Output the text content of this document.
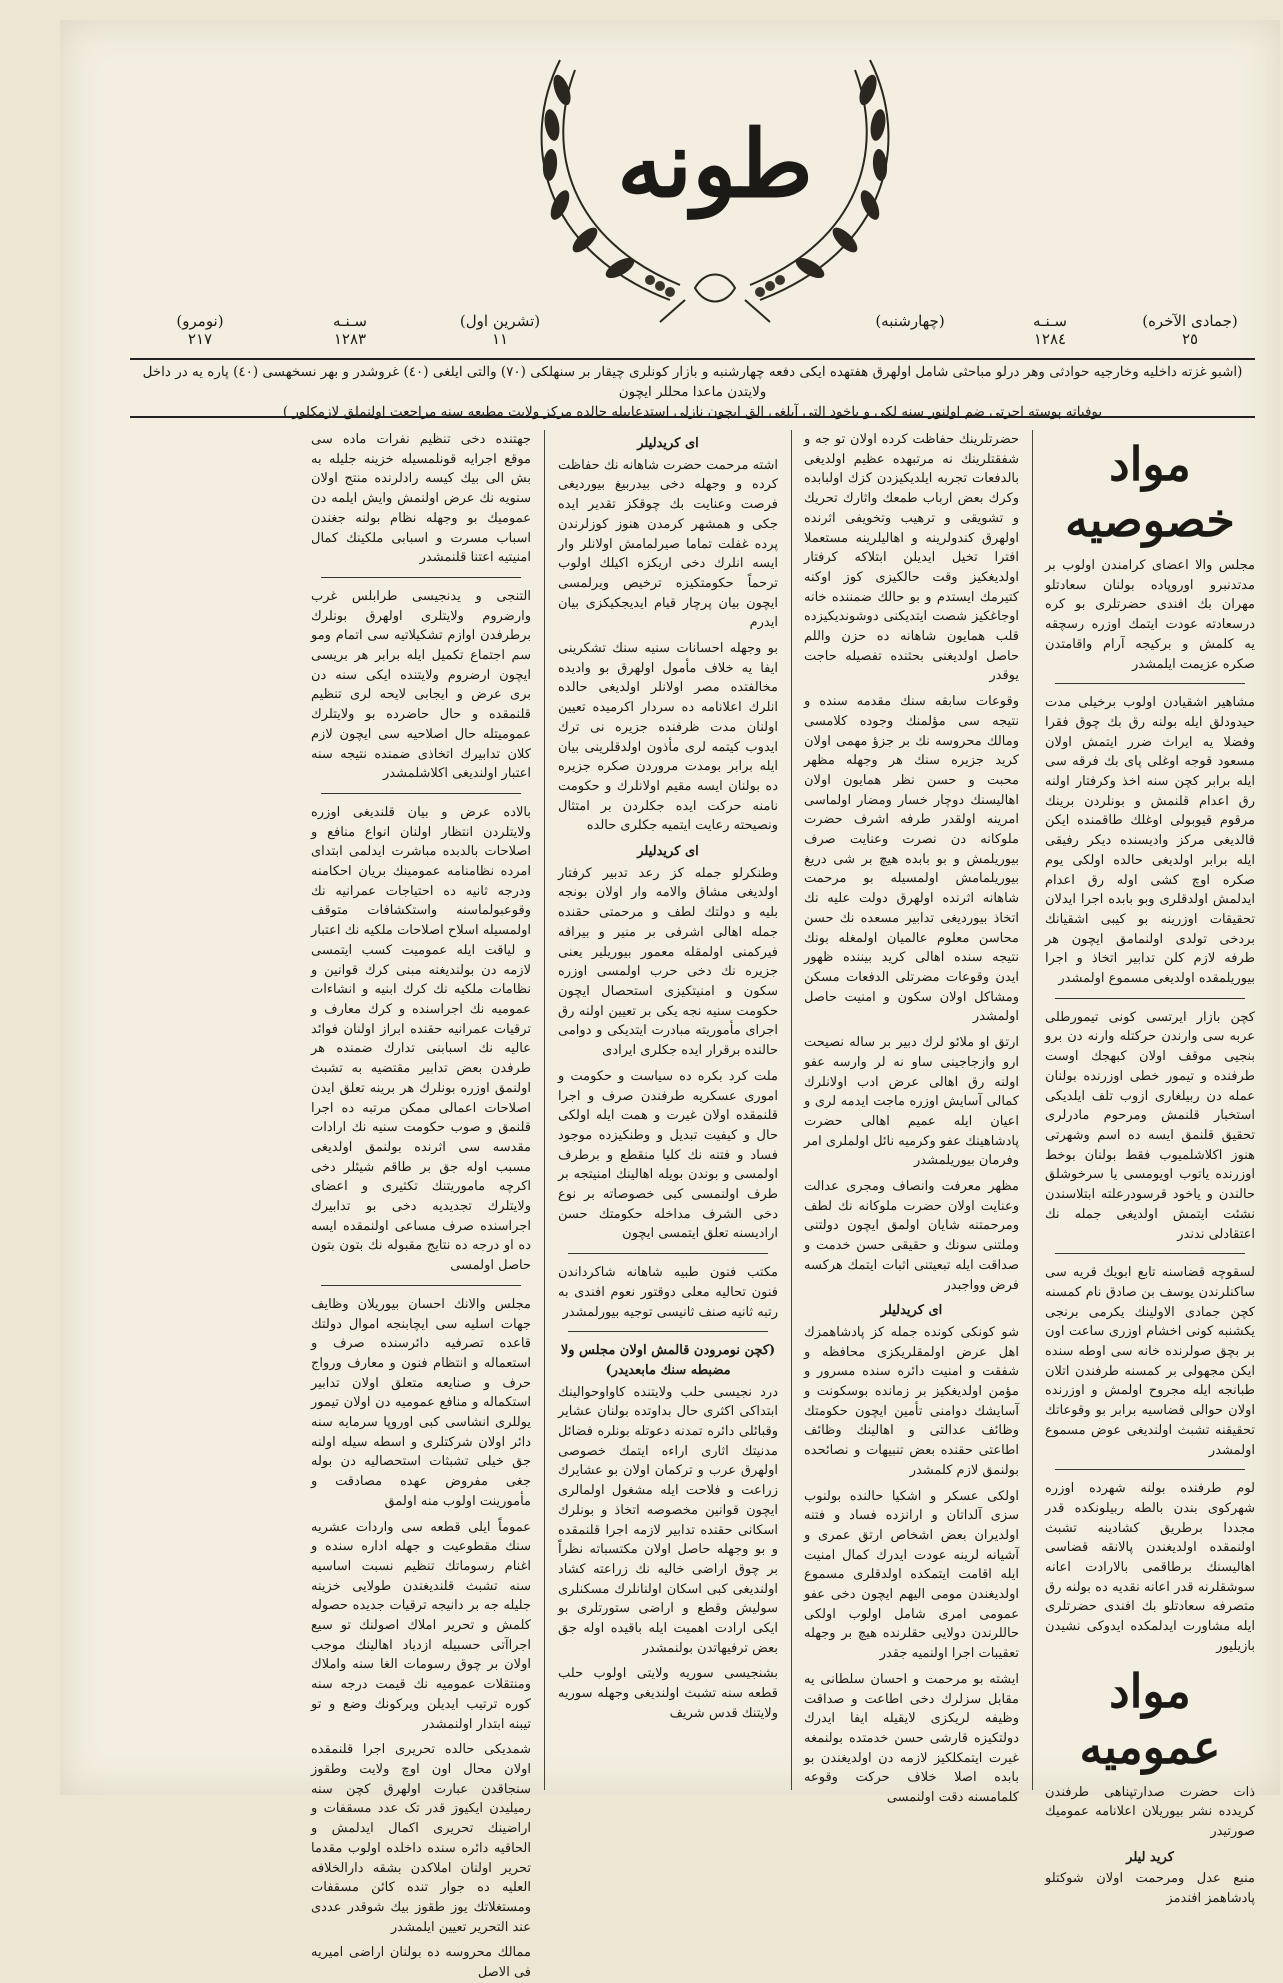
طونه
(جمادی الآخره)
٢٥
سـنـه
١٢٨٤
(چهارشنبه)
(تشرین اول)
١١
سـنـه
١٢٨٣
(نومرو)
٢١٧
(اشبو غزته داخلیه وخارجیه حوادثی وهر درلو مباحثی شامل اولهرق هفتهده ایکی دفعه چهارشنبه و بازار کونلری چیقار بر سنهلکی (٧٠) والتی ایلغی (٤٠) غروشدر و بهر نسخهسی (٤٠) پاره یه در داخل ولایتدن ماعدا محللر ایچون
بوفیاته پوسته اجرتی ضم اولنور سنه لکی و یاخود التی آیلغی الق ایچون نازلی استدعاییله حالده مرکز ولایت مطبعه سنه مراجعت اولنملق لازمکلور )
مواد خصوصیه

مجلس والا اعضای کرامندن اولوب بر مدتدنبرو اوروپاده بولنان سعادتلو مهران بك افندی حضرتلری بو کره درسعادته عودت ایتمك اوزره رسچقه یه کلمش و برکیجه آرام واقامتدن صکره عزیمت ایلمشدر

مشاهیر اشقیادن اولوب برخیلی مدت حیدودلق ایله بولنه رق بك چوق فقرا وفضلا یه ایراث ضرر ایتمش اولان مسعود قوجه اوغلی پای بك فرقه سی ایله برابر کچن سنه اخذ وکرفتار اولنه رق اعدام قلنمش و بونلردن برینك مرقوم قیوبولی اوغلك طاقمنده ایکن قالدیغی مرکز وادیسنده دیکر رفیقی ایله برابر اولدیغی حالده اولکی یوم صکره اوچ کشی اوله رق اعدام ایدلمش اولدقلری وبو بابده اجرا ایدلان تحقیقات اوزرینه بو کیبی اشقیانك بردخی تولدی اولنمامق ایچون هر طرفه لازم کلن تدابیر اتخاذ و اجرا بیوریلمقده اولدیغی مسموع اولمشدر

کچن بازار ایرتسی کونی تیمورطلی عربه سی وارندن حرکتله وارنه دن برو بنجیی موقف اولان کبهجك اوست طرفنده و تیمور خطی اوزرنده بولنان عمله دن ربیلغاری ازوب تلف ایلدیکی استخبار قلنمش ومرحوم مادرلری تحقیق قلنمق ایسه ده اسم وشهرتی هنوز اکلاشلمیوب فقط بولنان بوخط اوزرنده یاتوب اویومسی یا سرخوشلق حالندن و یاخود قرسودرعلته ابتلاسندن نشئت ایتمش اولدیغی جمله نك اعتقادلی ندندر

لسقوچه قضاسنه تابع ابویك قریه سی ساکنلرندن یوسف بن صادق نام کمسنه کچن جمادی الاولینك یکرمی برنجی یکشنبه کونی اخشام اوزری ساعت اون بر بچق صولرنده خانه سی اوطه سنده ایکن مجهولی بر کمسنه طرفندن اتلان طبانجه ایله مجروح اولمش و اوزرنده اولان حوالی قضاسیه برابر بو وقوعاتك تحقیقنه تشبث اولندیغی عوض مسموع اولمشدر

لوم طرفنده بولنه شهرده اوزره شهرکوی بندن بالطه ربیلونکده قدر مجددا برطریق کشادینه تشبث اولنمقده اولدیغندن پالانقه قضاسی اهالیسنك برطاقمی بالارادت اعانه سوشقلرنه قدر اعانه نقدیه ده بولنه رق متصرفه سعادتلو بك افندی حضرتلری ایله مشاورت ایدلمکده ایدوکی نشیدن بازیلیور

مواد عمومیه

ذات حضرت صدارتپناهی طرفندن کریدده نشر بیوریلان اعلانامه عمومیك صورتیدر

کرید لیلر

منبع عدل ومرحمت اولان شوکتلو پادشاهمز افندمز

حضرتلرینك حفاظت کرده اولان تو جه و شفقتلرینك نه مرتبهده عظیم اولدیغی بالدفعات تجربه ایلدیکیزدن کزك اولبابده وکرك بعض ارباب طمعك واثارك تحریك و تشویقی و ترهیب وتخویفی اثرنده اولهرق کندولرینه و اهالیلرینه مستعملا افترا تخیل ایدیلن ابتلاکه کرفتار اولدیغکیز وقت حالکیزی کوز اوکنه کتیرمك ایستدم و بو حالك ضمننده خانه اوجاغکیز شصت ایتدیکنی دوشوندیکیزده قلب همایون شاهانه ده حزن واللم حاصل اولدیغنی بحثنده تفصیله حاجت یوقدر

وقوعات سابقه سنك مقدمه سنده و نتیجه سی مؤلمنك وجوده کلامسی ومالك محروسه نك بر جزؤ مهمی اولان کرید جزیره سنك هر وجهله مظهر محبت و حسن نظر همایون اولان اهالیسنك دوچار خسار ومضار اولماسی امرینه اولقدر طرفه اشرف حضرت ملوکانه دن نصرت وعنایت صرف بیوریلمش و بو بابده هیچ بر شی دریغ بیوریلمامش اولمسیله بو مرحمت شاهانه اثرنده اولهرق دولت علیه نك اتخاذ بیوردیغی تدابیر مسعده نك حسن محاسن معلوم عالمیان اولمغله بونك نتیجه سنده اهالی کرید بیننده ظهور ایدن وقوعات مضرتلی الدفعات مسکن ومشاکل اولان سکون و امنیت حاصل اولمشدر

ارتق او ملائو لرك دبیر بر ساله نصیحت ارو وازجاجینی ساو نه لر وارسه عفو اولنه رق اهالی عرض ادب اولانلرك کمالی آسایش اوزره ماجت ایدمه لری و اعیان ایله عمیم اهالی حضرت پادشاهینك عفو وکرمیه نائل اولملری امر وفرمان بیوریلمشدر

مظهر معرفت وانصاف ومجری عدالت وعنایت اولان حضرت ملوکانه نك لطف ومرحمتنه شایان اولمق ایچون دولتنی وملتنی سونك و حقیقی حسن خدمت و صداقت ایله تبعیتنی اثبات ایتمك هرکسه فرض وواجبدر

ای کریدلیلر

شو کونکی کونده جمله کز پادشاهمزك اهل عرض اولمقلریکزی محافظه و شفقت و امنیت دائره سنده مسرور و مؤمن اولدیغکیز بر زمانده بوسکونت و آسایشك دوامنی تأمین ایچون حکومتك وظائف عدالتی و اهالینك وظائف اطاعتی حقنده بعض تنبیهات و نصائحده بولنمق لازم کلمشدر

اولکی عسکر و اشکیا حالنده بولنوب سزی آلداتان و ارانزده فساد و فتنه اولدیران بعض اشخاص ارتق عمری و آشیانه لرینه عودت ایدرك کمال امنیت ایله اقامت ایتمکده اولدقلری مسموع اولدیغندن مومی الیهم ایچون دخی عفو عمومی امری شامل اولوب اولکی حاللرندن دولایی حقلرنده هیچ بر وجهله تعقیبات اجرا اولنمیه جقدر

ایشته بو مرحمت و احسان سلطانی یه مقابل سزلرك دخی اطاعت و صداقت وظیفه لریکزی لایقیله ایفا ایدرك دولتکیزه قارشی حسن خدمتده بولنمغه غیرت ایتمکلکیز لازمه دن اولدیغندن بو بابده اصلا خلاف حرکت وقوعه کلمامسنه دقت اولنمسی

ای کریدلیلر

اشته مرحمت حضرت شاهانه نك حفاظت کرده و وجهله دخی بیدربیغ بیوردیغی فرصت وعنایت بك چوقکز تقدیر ایده جکی و همشهر کرمدن هنوز کوزلرندن پرده غفلت تماما صیرلمامش اولانلر وار ایسه انلرك دخی اریکزه اکیلك اولوب ترحماً حکومتکیزه ترخیص ویرلمسی ایچون بیان پرچار قیام ایدیجکیکزی بیان ایدرم

بو وجهله احسانات سنیه سنك تشکرینی ایفا یه خلاف مأمول اولهرق بو وادیده مخالفتده مصر اولانلر اولدیغی حالده انلرك اعلانامه ده سردار اکرمیده تعیین اولنان مدت ظرفنده جزیره نی ترك ایدوب کیتمه لری مأذون اولدقلرینی بیان ایله برابر بومدت مروردن صکره جزیره ده بولنان ایسه مقیم اولانلرك و حکومت نامنه حرکت ایده جکلردن بر امتثال ونصیحته رعایت ایتمیه جکلری حالده

ای کریدلیلر

وطنکرلو جمله کز رعد تدبیر کرفتار اولدیغی مشاق والامه وار اولان بونجه بلیه و دولتك لطف و مرحمتی حقنده جمله اهالی اشرفی بر منیر و بیرافه فیرکمنی اولمقله معمور بیوریلیر یعنی جزیره نك دخی حرب اولمسی اوزره سکون و امنیتکیزی استحصال ایچون حکومت سنیه نجه یکی بر تعیین اولنه رق اجرای مأموریته مبادرت ایتدیکی و دوامی حالنده برقرار ایده جکلری ایرادی

ملت کرد بکره ده سیاست و حکومت و اموری عسکریه طرفندن صرف و اجرا قلنمقده اولان غیرت و همت ایله اولکی حال و کیفیت تبدیل و وطنکیزده موجود فساد و فتنه نك کلیا منقطع و برطرف اولمسی و بوندن بویله اهالینك امنیتجه بر طرف اولنمسی کبی خصوصاته بر نوع دخی الشرف مداخله حکومتك حسن ارادیسنه تعلق ایتمسی ایچون

مکتب فنون طبیه شاهانه شاکرداندن فنون تحالیه معلی دوقتور نعوم افندی به رتبه ثانیه صنف ثانیسی توجیه بیورلمشدر

(کچن نومرودن قالمش اولان مجلس ولا مضبطه سنك مابعدیدر)

درد نجیسی حلب ولایتنده کاواوحوالینك ابتداکی اکثری حال بداوتده بولنان عشایر وقبائلی دائره تمدنه دعوتله بونلره فضائل مدنیتك اثاری اراءه ایتمك خصوصی اولهرق عرب و ترکمان اولان بو عشایرك زراعت و فلاحت ایله مشغول اولمالری ایچون قوانین مخصوصه اتخاذ و بونلرك اسکانی حقنده تدابیر لازمه اجرا قلنمقده و بو وجهله حاصل اولان مکتسباته نظراً بر چوق اراضی خالیه نك زراعته کشاد اولندیغی کبی اسکان اولنانلرك مسکنلری سولیش وقطع و اراضی ستورتلری بو ایکی ارادت اهمیت ایله باقیده اوله جق بعض ترفیهاتدن بولنمشدر

بشنجیسی سوریه ولایتی اولوب حلب قطعه سنه تشبث اولندیغی وجهله سوریه ولایتنك قدس شریف

جهتنده دخی تنظیم نفرات ماده سی موقع اجرایه قونلمسیله خزینه جلیله به بش الی بیك کیسه رادلرنده منتج اولان سنویه نك عرض اولنمش وایش ایلمه دن عمومیك بو وجهله نظام بولنه جغندن اسباب مسرت و اسبابی ملکینك کمال امنیتیه اعتنا قلنمشدر

التنجی و یدنجیسی طرابلس غرب وارضروم ولایتلری اولهرق بونلرك برطرفدن اوازم تشکیلاتیه سی اتمام ومو سم اجتماع تکمیل ایله برابر هر بریسی ایچون ارضروم ولایتنده ایکی سنه دن بری عرض و ایجابی لایحه لری تنظیم قلنمقده و حال حاضرده بو ولایتلرك عمومیتله حال اصلاحیه سی ایچون لازم کلان تدابیرك اتخاذی ضمنده نتیجه سنه اعتبار اولندیغی اکلاشلمشدر

بالاده عرض و بیان قلندیغی اوزره ولایتلردن انتظار اولنان انواع منافع و اصلاحات بالدبده مباشرت ایدلمی ابتدای امرده نظامنامه عمومینك بریان احکامنه ودرجه ثانیه ده احتیاجات عمرانیه نك وقوعبولماسنه واستکشافات متوقف اولمسیله اسلاح اصلاحات ملکیه نك اعتبار و لیاقت ایله عمومیت کسب ایتمسی لازمه دن بولندیغنه مبنی کرك قوانین و نظامات ملکیه نك کرك ابنیه و انشاءات عمومیه نك اجراسنده و کرك معارف و ترقیات عمرانیه حقنده ابراز اولنان فوائد عالیه نك اسبابنی تدارك ضمنده هر طرفدن بعض تدابیر مقتضیه به تشبث اولنمق اوزره بونلرك هر برینه تعلق ایدن اصلاحات اعمالی ممکن مرتبه ده اجرا قلنمق و صوب حکومت سنیه نك ارادات مقدسه سی اثرنده بولنمق اولدیغی مسبب اوله جق بر طاقم شیئلر دخی اکرچه ماموریتنك تکثیری و اعضای ولایتلرك تجدیدیه دخی بو تدابیرك اجراسنده صرف مساعی اولنمقده ایسه ده او درجه ده نتایج مقبوله نك بتون بتون حاصل اولمسی

مجلس والانك احسان بیوریلان وظایف جهات اسلیه سی ایچابنجه اموال دولتك قاعده تصرفیه دائرسنده صرف و استعماله و انتظام فنون و معارف ورواج حرف و صنایعه متعلق اولان تدابیر استکماله و منافع عمومیه دن اولان تیمور یوللری انشاسی کبی اوروپا سرمایه سنه دائر اولان شرکتلری و اسطه سیله اولنه جق خیلی تشبثات استحصالیه دن بوله جغی مفروض عهده مصادقت و مأمورینت اولوب منه اولمق

عموماً ایلی قطعه سی واردات عشریه سنك مقطوعیت و جهله اداره سنده و اغنام رسوماتك تنظیم نسبت اساسیه سنه تشبث قلندیغندن طولایی خزینه جلیله جه بر دانیجه ترقیات جدیده حصوله کلمش و تحریر املاك اصولنك تو سیع اجراآتی حسبیله ازدیاد اهالینك موجب اولان بر چوق رسومات الغا سنه واملاك ومنتقلات عمومیه نك قیمت درجه سنه کوره ترتیب ایدیلن ویرکونك وضع و تو تیبنه ابتدار اولنمشدر

شمدیکی حالده تحریری اجرا قلنمقده اولان محال اون اوچ ولایت وطقوز سنجاقدن عبارت اولهرق کچن سنه رمیلیدن ایکیوز قدر تک عدد مسقفات و اراضینك تحریری اکمال ایدلمش و الحاقیه دائره سنده داخلده اولوب مقدما تحریر اولنان املاکدن بشقه دارالخلافه العلیه ده جوار تنده کائن مسقفات ومستغلاتك یوز طقوز بیك شوقدر عددی عند التحریر تعیین ایلمشدر

ممالك محروسه ده بولنان اراضی امیریه فی الاصل
